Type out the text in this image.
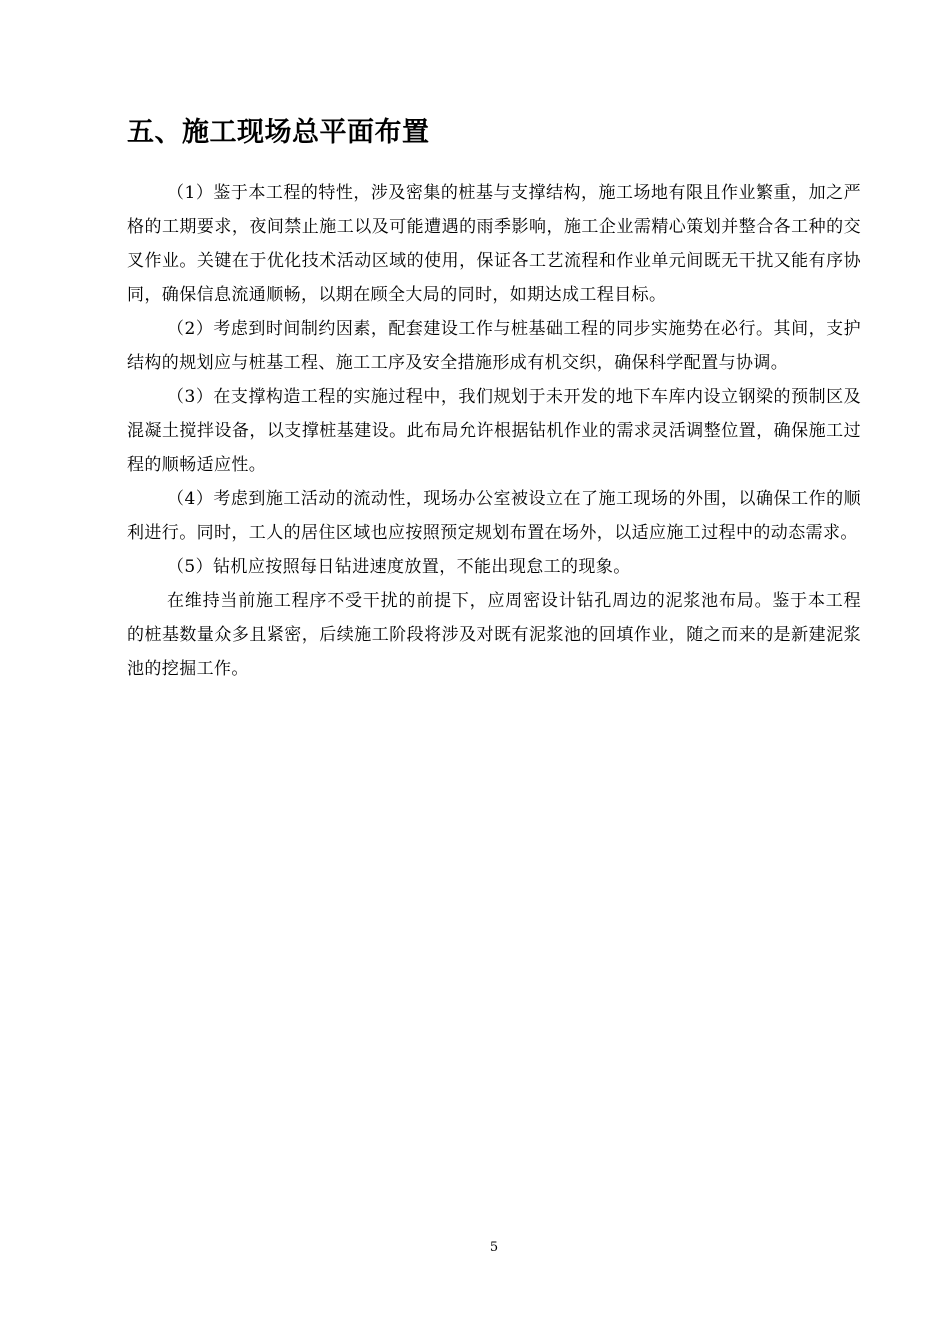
五、施工现场总平面布置

（1）鉴于本工程的特性，涉及密集的桩基与支撑结构，施工场地有限且作业繁重，加之严格的工期要求，夜间禁止施工以及可能遭遇的雨季影响，施工企业需精心策划并整合各工种的交叉作业。关键在于优化技术活动区域的使用，保证各工艺流程和作业单元间既无干扰又能有序协同，确保信息流通顺畅，以期在顾全大局的同时，如期达成工程目标。

（2）考虑到时间制约因素，配套建设工作与桩基础工程的同步实施势在必行。其间，支护结构的规划应与桩基工程、施工工序及安全措施形成有机交织，确保科学配置与协调。

（3）在支撑构造工程的实施过程中，我们规划于未开发的地下车库内设立钢梁的预制区及混凝土搅拌设备，以支撑桩基建设。此布局允许根据钻机作业的需求灵活调整位置，确保施工过程的顺畅适应性。

（4）考虑到施工活动的流动性，现场办公室被设立在了施工现场的外围，以确保工作的顺利进行。同时，工人的居住区域也应按照预定规划布置在场外，以适应施工过程中的动态需求。

（5）钻机应按照每日钻进速度放置，不能出现怠工的现象。

在维持当前施工程序不受干扰的前提下，应周密设计钻孔周边的泥浆池布局。鉴于本工程的桩基数量众多且紧密，后续施工阶段将涉及对既有泥浆池的回填作业，随之而来的是新建泥浆池的挖掘工作。

5
